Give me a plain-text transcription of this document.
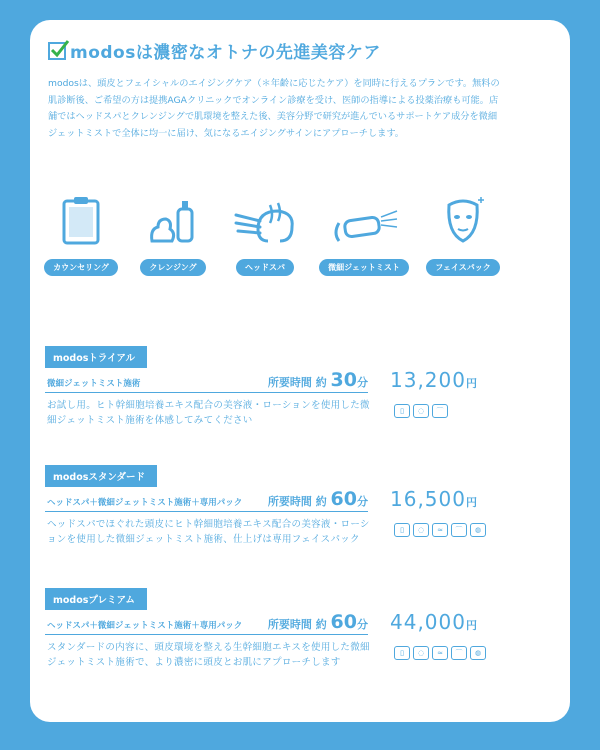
modosは濃密なオトナの先進美容ケア
modosは、頭皮とフェイシャルのエイジングケア（＊年齢に応じたケア）を同時に行えるプランです。無料の肌診断後、ご希望の方は提携AGAクリニックでオンライン診療を受け、医師の指導による投薬治療も可能。店舗ではヘッドスパとクレンジングで肌環境を整えた後、美容分野で研究が進んでいるサポートケア成分を微細ジェットミストで全体に均一に届け、気になるエイジングサインにアプローチします。
カウンセリング	クレンジング	ヘッドスパ	微細ジェットミスト	フェイスパック
modosトライアル
微細ジェットミスト施術	所要時間 約 30分
お試し用。ヒト幹細胞培養エキス配合の美容液・ローションを使用した微細ジェットミスト施術を体感してみてください
13,200円
▯	◌	⌒
modosスタンダード
ヘッドスパ＋微細ジェットミスト施術＋専用パック 所要時間 約 60分
ヘッドスパでほぐれた頭皮にヒト幹細胞培養エキス配合の美容液・ローションを使用した微細ジェットミスト施術、仕上げは専用フェイスパック
16,500円
▯	◌	≈	⌒	◍
modosプレミアム
ヘッドスパ＋微細ジェットミスト施術＋専用パック 所要時間 約 60分
スタンダードの内容に、頭皮環境を整える生幹細胞エキスを使用した微細ジェットミスト施術で、より濃密に頭皮とお肌にアプローチします
44,000円
▯	◌	≈	⌒	◍
